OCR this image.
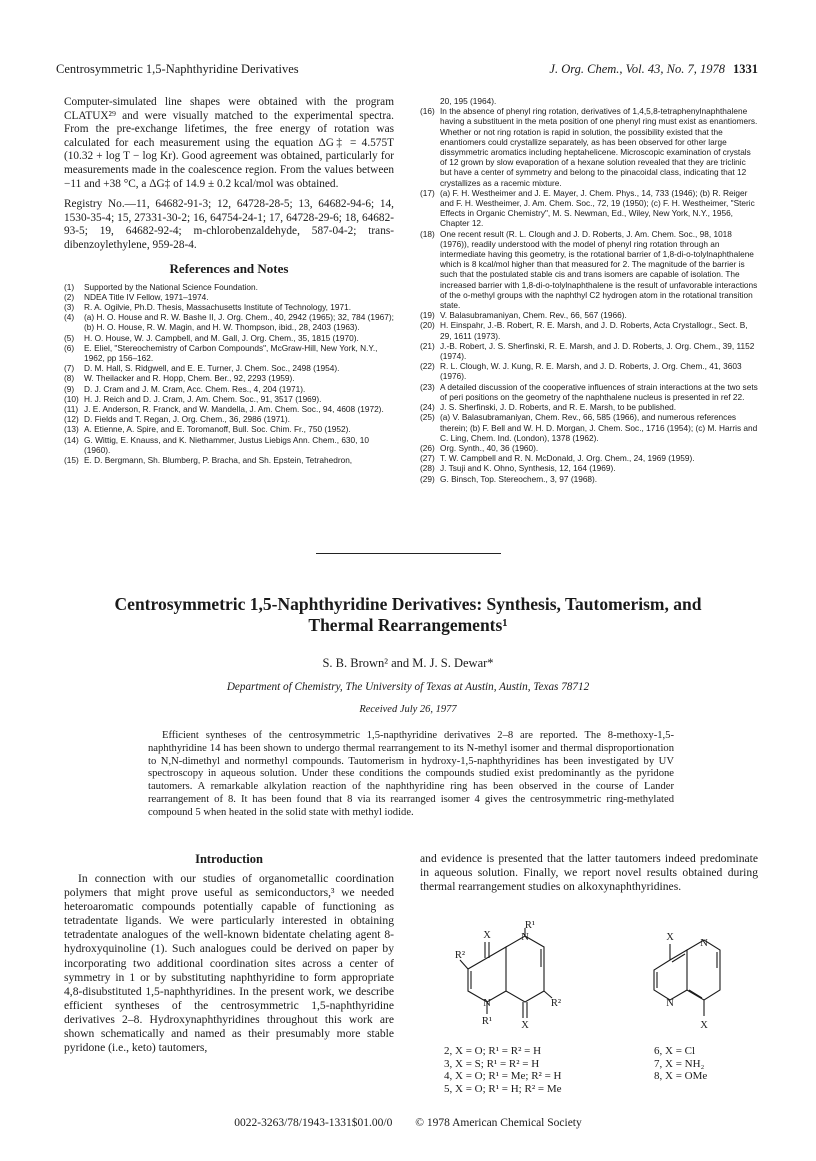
Centrosymmetric 1,5-Naphthyridine Derivatives	J. Org. Chem., Vol. 43, No. 7, 1978 1331

Computer-simulated line shapes were obtained with the program CLATUX²⁹ and were visually matched to the experimental spectra. From the pre-exchange lifetimes, the free energy of rotation was calculated for each measurement using the equation ΔG‡ = 4.575T (10.32 + log T − log Kr). Good agreement was obtained, particularly for measurements made in the coalescence region. From the values between −11 and +38 °C, a ΔG‡ of 14.9 ± 0.2 kcal/mol was obtained.

Registry No.—11, 64682-91-3; 12, 64728-28-5; 13, 64682-94-6; 14, 1530-35-4; 15, 27331-30-2; 16, 64754-24-1; 17, 64728-29-6; 18, 64682-93-5; 19, 64682-92-4; m-chlorobenzaldehyde, 587-04-2; trans-dibenzoylethylene, 959-28-4.

References and Notes
(1)	Supported by the National Science Foundation.
(2)	NDEA Title IV Fellow, 1971–1974.
(3)	R. A. Ogilvie, Ph.D. Thesis, Massachusetts Institute of Technology, 1971.
(4)	(a) H. O. House and R. W. Bashe II, J. Org. Chem., 40, 2942 (1965); 32, 784 (1967); (b) H. O. House, R. W. Magin, and H. W. Thompson, ibid., 28, 2403 (1963).
(5)	H. O. House, W. J. Campbell, and M. Gall, J. Org. Chem., 35, 1815 (1970).
(6)	E. Eliel, "Stereochemistry of Carbon Compounds", McGraw-Hill, New York, N.Y., 1962, pp 156–162.
(7)	D. M. Hall, S. Ridgwell, and E. E. Turner, J. Chem. Soc., 2498 (1954).
(8)	W. Theilacker and R. Hopp, Chem. Ber., 92, 2293 (1959).
(9)	D. J. Cram and J. M. Cram, Acc. Chem. Res., 4, 204 (1971).
(10) H. J. Reich and D. J. Cram, J. Am. Chem. Soc., 91, 3517 (1969).
(11) J. E. Anderson, R. Franck, and W. Mandella, J. Am. Chem. Soc., 94, 4608 (1972).
(12) D. Fields and T. Regan, J. Org. Chem., 36, 2986 (1971).
(13) A. Etienne, A. Spire, and E. Toromanoff, Bull. Soc. Chim. Fr., 750 (1952).
(14) G. Wittig, E. Knauss, and K. Niethammer, Justus Liebigs Ann. Chem., 630, 10 (1960).
(15) E. D. Bergmann, Sh. Blumberg, P. Bracha, and Sh. Epstein, Tetrahedron,
20, 195 (1964).
(16) In the absence of phenyl ring rotation, derivatives of 1,4,5,8-tetraphenylnaphthalene having a substituent in the meta position of one phenyl ring must exist as enantiomers. Whether or not ring rotation is rapid in solution, the possibility existed that the enantiomers could crystallize separately, as has been observed for other large dissymmetric aromatics including heptahelicene. Microscopic examination of crystals of 12 grown by slow evaporation of a hexane solution revealed that they are triclinic but have a center of symmetry and belong to the pinacoidal class, indicating that 12 crystallizes as a racemic mixture.
(17) (a) F. H. Westheimer and J. E. Mayer, J. Chem. Phys., 14, 733 (1946); (b) R. Reiger and F. H. Westheimer, J. Am. Chem. Soc., 72, 19 (1950); (c) F. H. Westheimer, "Steric Effects in Organic Chemistry", M. S. Newman, Ed., Wiley, New York, N.Y., 1956, Chapter 12.
(18) One recent result (R. L. Clough and J. D. Roberts, J. Am. Chem. Soc., 98, 1018 (1976)), readily understood with the model of phenyl ring rotation through an intermediate having this geometry, is the rotational barrier of 1,8-di-o-tolylnaphthalene which is 8 kcal/mol higher than that measured for 2. The magnitude of the barrier is such that the postulated stable cis and trans isomers are capable of isolation. The increased barrier with 1,8-di-o-tolylnaphthalene is the result of unfavorable interactions of the o-methyl groups with the naphthyl C2 hydrogen atom in the rotational transition state.
(19) V. Balasubramaniyan, Chem. Rev., 66, 567 (1966).
(20) H. Einspahr, J.-B. Robert, R. E. Marsh, and J. D. Roberts, Acta Crystallogr., Sect. B, 29, 1611 (1973).
(21) J.-B. Robert, J. S. Sherfinski, R. E. Marsh, and J. D. Roberts, J. Org. Chem., 39, 1152 (1974).
(22) R. L. Clough, W. J. Kung, R. E. Marsh, and J. D. Roberts, J. Org. Chem., 41, 3603 (1976).
(23) A detailed discussion of the cooperative influences of strain interactions at the two sets of peri positions on the geometry of the naphthalene nucleus is presented in ref 22.
(24) J. S. Sherfinski, J. D. Roberts, and R. E. Marsh, to be published.
(25) (a) V. Balasubramaniyan, Chem. Rev., 66, 585 (1966), and numerous references therein; (b) F. Bell and W. H. D. Morgan, J. Chem. Soc., 1716 (1954); (c) M. Harris and C. Ling, Chem. Ind. (London), 1378 (1962).
(26) Org. Synth., 40, 36 (1960).
(27) T. W. Campbell and R. N. McDonald, J. Org. Chem., 24, 1969 (1959).
(28) J. Tsuji and K. Ohno, Synthesis, 12, 164 (1969).
(29) G. Binsch, Top. Stereochem., 3, 97 (1968).
Centrosymmetric 1,5-Naphthyridine Derivatives: Synthesis, Tautomerism, and Thermal Rearrangements¹
S. B. Brown² and M. J. S. Dewar*
Department of Chemistry, The University of Texas at Austin, Austin, Texas 78712
Received July 26, 1977

Efficient syntheses of the centrosymmetric 1,5-napthyridine derivatives 2–8 are reported. The 8-methoxy-1,5-naphthyridine 14 has been shown to undergo thermal rearrangement to its N-methyl isomer and thermal disproportionation to N,N-dimethyl and normethyl compounds. Tautomerism in hydroxy-1,5-naphthyridines has been investigated by UV spectroscopy in aqueous solution. Under these conditions the compounds studied exist predominantly as the pyridone tautomers. A remarkable alkylation reaction of the naphthyridine ring has been observed in the course of Lander rearrangement of 8. It has been found that 8 via its rearranged isomer 4 gives the centrosymmetric ring-methylated compound 5 when heated in the solid state with methyl iodide.

Introduction

In connection with our studies of organometallic coordination polymers that might prove useful as semiconductors,³ we needed heteroaromatic compounds potentially capable of functioning as tetradentate ligands. We were particularly interested in obtaining tetradentate analogues of the well-known bidentate chelating agent 8-hydroxyquinoline (1). Such analogues could be derived on paper by incorporating two additional coordination sites across a center of symmetry in 1 or by substituting naphthyridine to form appropriate 4,8-disubstituted 1,5-naphthyridines. In the present work, we describe efficient syntheses of the centrosymmetric 1,5-naphthyridine derivatives 2–8. Hydroxynaphthyridines throughout this work are shown schematically and named as their presumably more stable pyridone (i.e., keto) tautomers,

and evidence is presented that the latter tautomers indeed predominate in aqueous solution. Finally, we report novel results obtained during thermal rearrangement studies on alkoxynaphthyridines.

X
R¹
R²
N
N	R²
R¹	X
2, X = O; R¹ = R² = H
3, X = S; R¹ = R² = H
4, X = O; R¹ = Me; R² = H
5, X = O; R¹ = H; R² = Me
X
N
N
X
6, X = Cl
7, X = NH₂
8, X = OMe
0022-3263/78/1943-1331$01.00/0 © 1978 American Chemical Society
